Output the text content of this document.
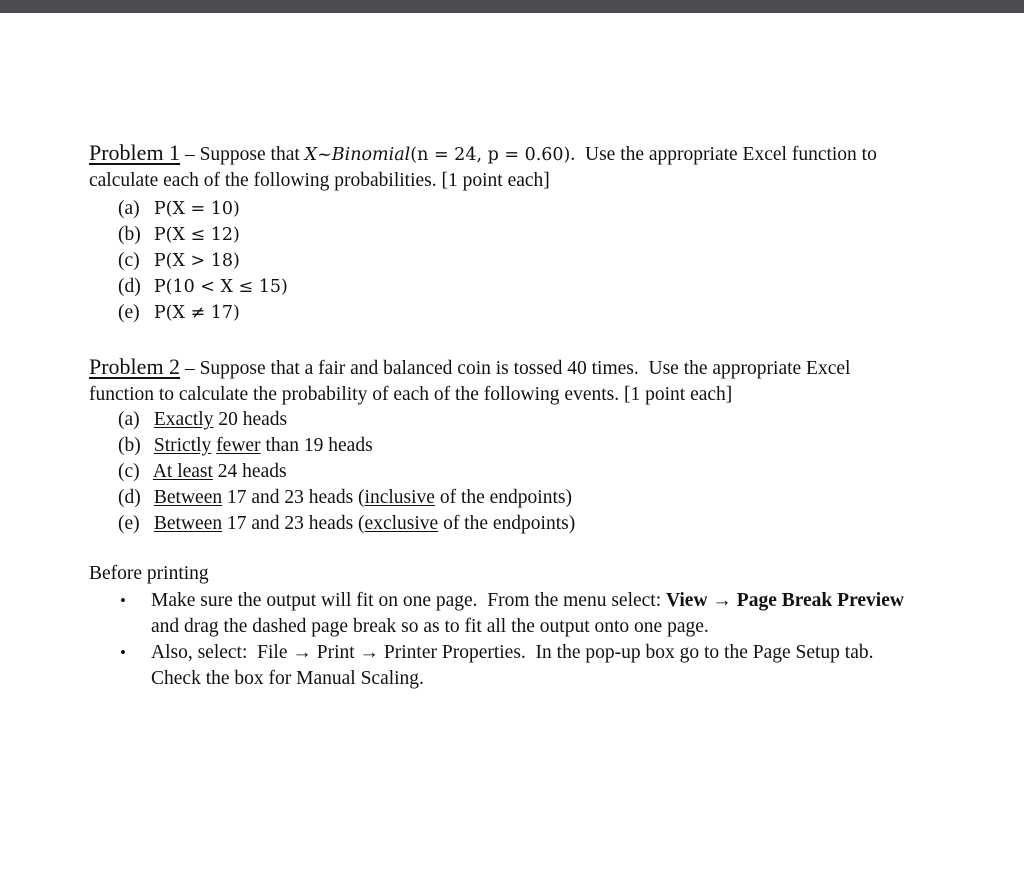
Problem 1 – Suppose that X~Binomial(n = 24, p = 0.60).  Use the appropriate Excel function to
calculate each of the following probabilities. [1 point each]
(a) P(X = 10)
(b) P(X ≤ 12)
(c) P(X > 18)
(d) P(10 < X ≤ 15)
(e) P(X ≠ 17)
Problem 2 – Suppose that a fair and balanced coin is tossed 40 times.  Use the appropriate Excel
function to calculate the probability of each of the following events. [1 point each]
(a) Exactly 20 heads
(b) Strictly fewer than 19 heads
(c) At least 24 heads
(d) Between 17 and 23 heads (inclusive of the endpoints)
(e) Between 17 and 23 heads (exclusive of the endpoints)
Before printing
• Make sure the output will fit on one page.  From the menu select: View → Page Break Preview
and drag the dashed page break so as to fit all the output onto one page.
• Also, select:  File → Print → Printer Properties.  In the pop-up box go to the Page Setup tab.
Check the box for Manual Scaling.
